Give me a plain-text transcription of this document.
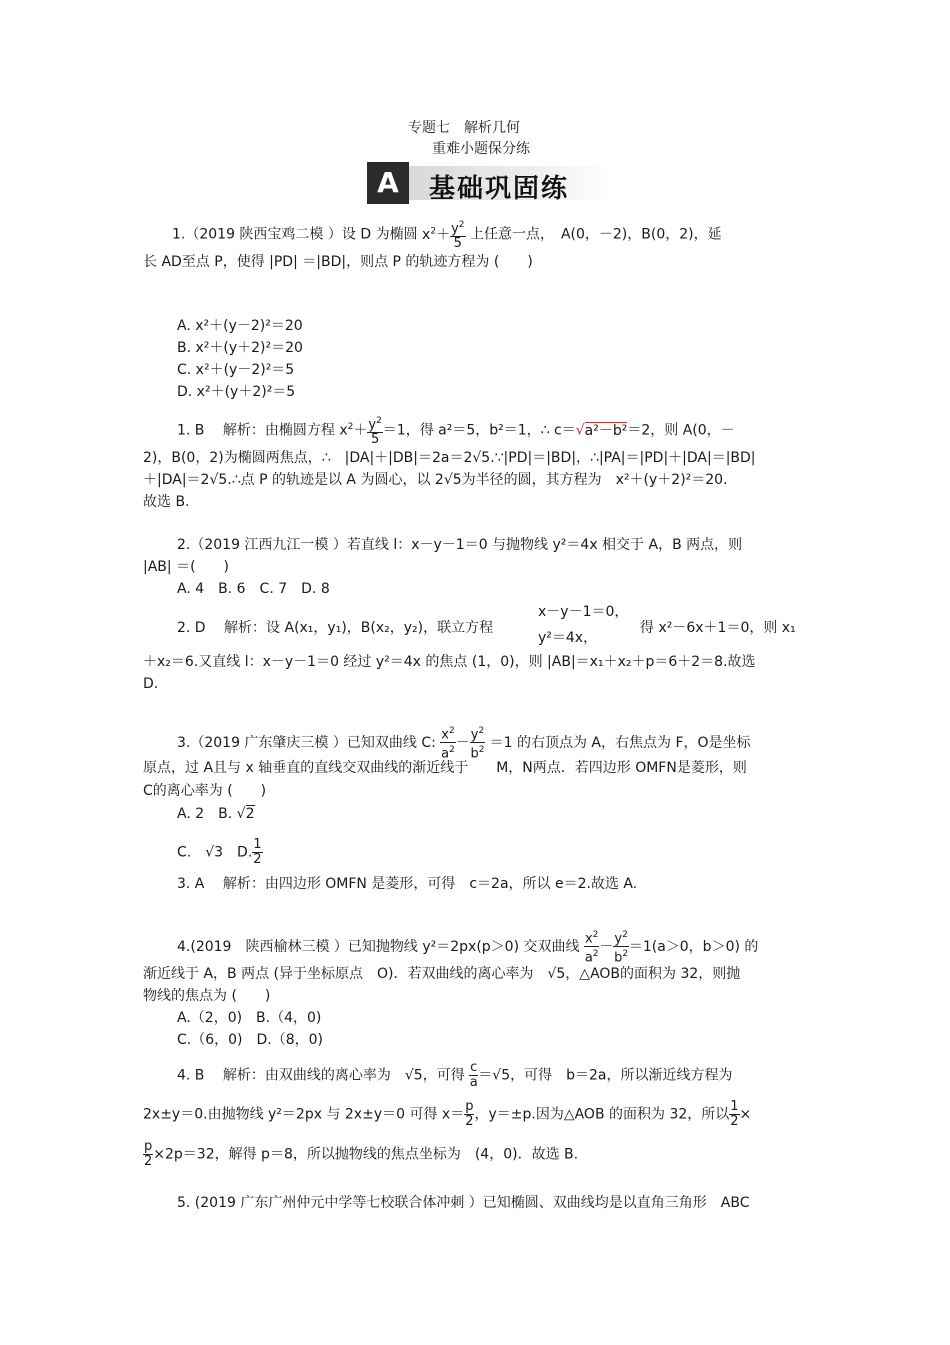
专题七　解析几何
重难小题保分练
A	基础巩固练
1.（2019 陕西宝鸡二模 ）设 D 为椭圆 $x^2+ \frac{y^2}{5}$ 上任意一点，　A(0，－2)，B(0，2)，延
长 AD至点 P，使得 |PD| ＝|BD|，则点 P 的轨迹方程为 (　　)
A. x²＋(y－2)²＝20
B. x²＋(y＋2)²＝20
C. x²＋(y－2)²＝5
D. x²＋(y＋2)²＝5
1. B　 解析：由椭圆方程 $x^2+ \frac{y^2}{5} =1$，得 a²＝5，b²＝1，∴ c＝√a²－b²＝2，则 A(0，－
2)，B(0，2)为椭圆两焦点，∴　|DA|＋|DB|＝2a＝2√5.∵|PD|＝|BD|，∴|PA|＝|PD|＋|DA|＝|BD|
＋|DA|＝2√5.∴点 P 的轨迹是以 A 为圆心，以 2√5为半径的圆，其方程为　x²＋(y＋2)²＝20.
故选 B.
2.（2019 江西九江一模 ）若直线 l：x－y－1＝0 与抛物线 y²＝4x 相交于 A，B 两点，则
|AB| ＝(　　)
A. 4　B. 6　C. 7　D. 8
2. D　 解析：设 A(x₁，y₁)，B(x₂，y₂)，联立方程
x－y－1＝0，
y²＝4x，
得 x²－6x＋1＝0，则 x₁
＋x₂＝6.又直线 l：x－y－1＝0 经过 y²＝4x 的焦点 (1，0)，则 |AB|＝x₁＋x₂＋p＝6＋2＝8.故选
D.
3.（2019 广东肇庆三模 ）已知双曲线 C: $\frac{x^2}{a^2} - \frac{y^2}{b^2} =1$ 的右顶点为 A，右焦点为 F，O是坐标
原点，过 A且与 x 轴垂直的直线交双曲线的渐近线于　　M，N两点．若四边形 OMFN是菱形，则
C的离心率为 (　　)
A. 2　B. √2
C.　√3　D. $\frac{1}{2}$
3. A　 解析：由四边形 OMFN 是菱形，可得　c＝2a，所以 e＝2.故选 A.
4.(2019　陕西榆林三模 ）已知抛物线 y²＝2px(p＞0) 交双曲线 $\frac{x^2}{a^2} - \frac{y^2}{b^2} =1(a>0$，b＞0) 的
渐近线于 A，B 两点 (异于坐标原点　O)．若双曲线的离心率为　√5，△AOB的面积为 32，则抛
物线的焦点为 (　　)
A.（2，0)　B.（4，0)
C.（6，0)　D.（8，0)
4. B　 解析：由双曲线的离心率为　√5，可得 $\frac{c}{a} =√5$，可得　b＝2a，所以渐近线方程为
2x±y＝0.由抛物线 y²＝2px 与 2x±y＝0 可得 $x= \frac{p}{2}$ ，y＝±p.因为△AOB 的面积为 32，所以 $\frac{1}{2}$ ×
$\frac{p}{2} \times 2p=32$，解得 p＝8，所以抛物线的焦点坐标为　(4，0)．故选 B.
5. (2019 广东广州仲元中学等七校联合体冲刺 ）已知椭圆、双曲线均是以直角三角形　ABC
